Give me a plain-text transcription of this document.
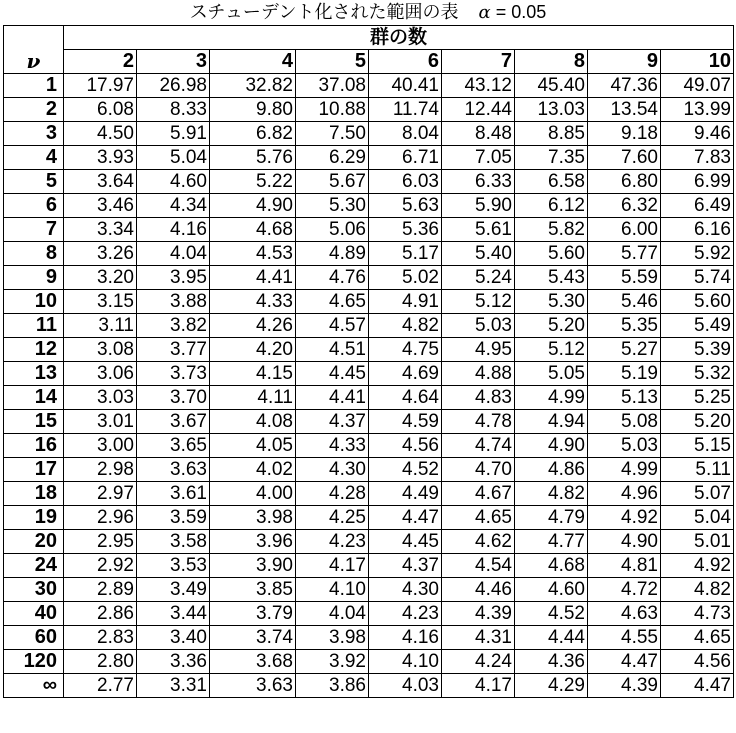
スチューデント化された範囲の表 α = 0.05
	群の数								
ν	2	3	4	5	6	7	8	9	10
1	17.97	26.98	32.82	37.08	40.41	43.12	45.40	47.36	49.07
2	6.08	8.33	9.80	10.88	11.74	12.44	13.03	13.54	13.99
3	4.50	5.91	6.82	7.50	8.04	8.48	8.85	9.18	9.46
4	3.93	5.04	5.76	6.29	6.71	7.05	7.35	7.60	7.83
5	3.64	4.60	5.22	5.67	6.03	6.33	6.58	6.80	6.99
6	3.46	4.34	4.90	5.30	5.63	5.90	6.12	6.32	6.49
7	3.34	4.16	4.68	5.06	5.36	5.61	5.82	6.00	6.16
8	3.26	4.04	4.53	4.89	5.17	5.40	5.60	5.77	5.92
9	3.20	3.95	4.41	4.76	5.02	5.24	5.43	5.59	5.74
10	3.15	3.88	4.33	4.65	4.91	5.12	5.30	5.46	5.60
11	3.11	3.82	4.26	4.57	4.82	5.03	5.20	5.35	5.49
12	3.08	3.77	4.20	4.51	4.75	4.95	5.12	5.27	5.39
13	3.06	3.73	4.15	4.45	4.69	4.88	5.05	5.19	5.32
14	3.03	3.70	4.11	4.41	4.64	4.83	4.99	5.13	5.25
15	3.01	3.67	4.08	4.37	4.59	4.78	4.94	5.08	5.20
16	3.00	3.65	4.05	4.33	4.56	4.74	4.90	5.03	5.15
17	2.98	3.63	4.02	4.30	4.52	4.70	4.86	4.99	5.11
18	2.97	3.61	4.00	4.28	4.49	4.67	4.82	4.96	5.07
19	2.96	3.59	3.98	4.25	4.47	4.65	4.79	4.92	5.04
20	2.95	3.58	3.96	4.23	4.45	4.62	4.77	4.90	5.01
24	2.92	3.53	3.90	4.17	4.37	4.54	4.68	4.81	4.92
30	2.89	3.49	3.85	4.10	4.30	4.46	4.60	4.72	4.82
40	2.86	3.44	3.79	4.04	4.23	4.39	4.52	4.63	4.73
60	2.83	3.40	3.74	3.98	4.16	4.31	4.44	4.55	4.65
120	2.80	3.36	3.68	3.92	4.10	4.24	4.36	4.47	4.56
∞	2.77	3.31	3.63	3.86	4.03	4.17	4.29	4.39	4.47
